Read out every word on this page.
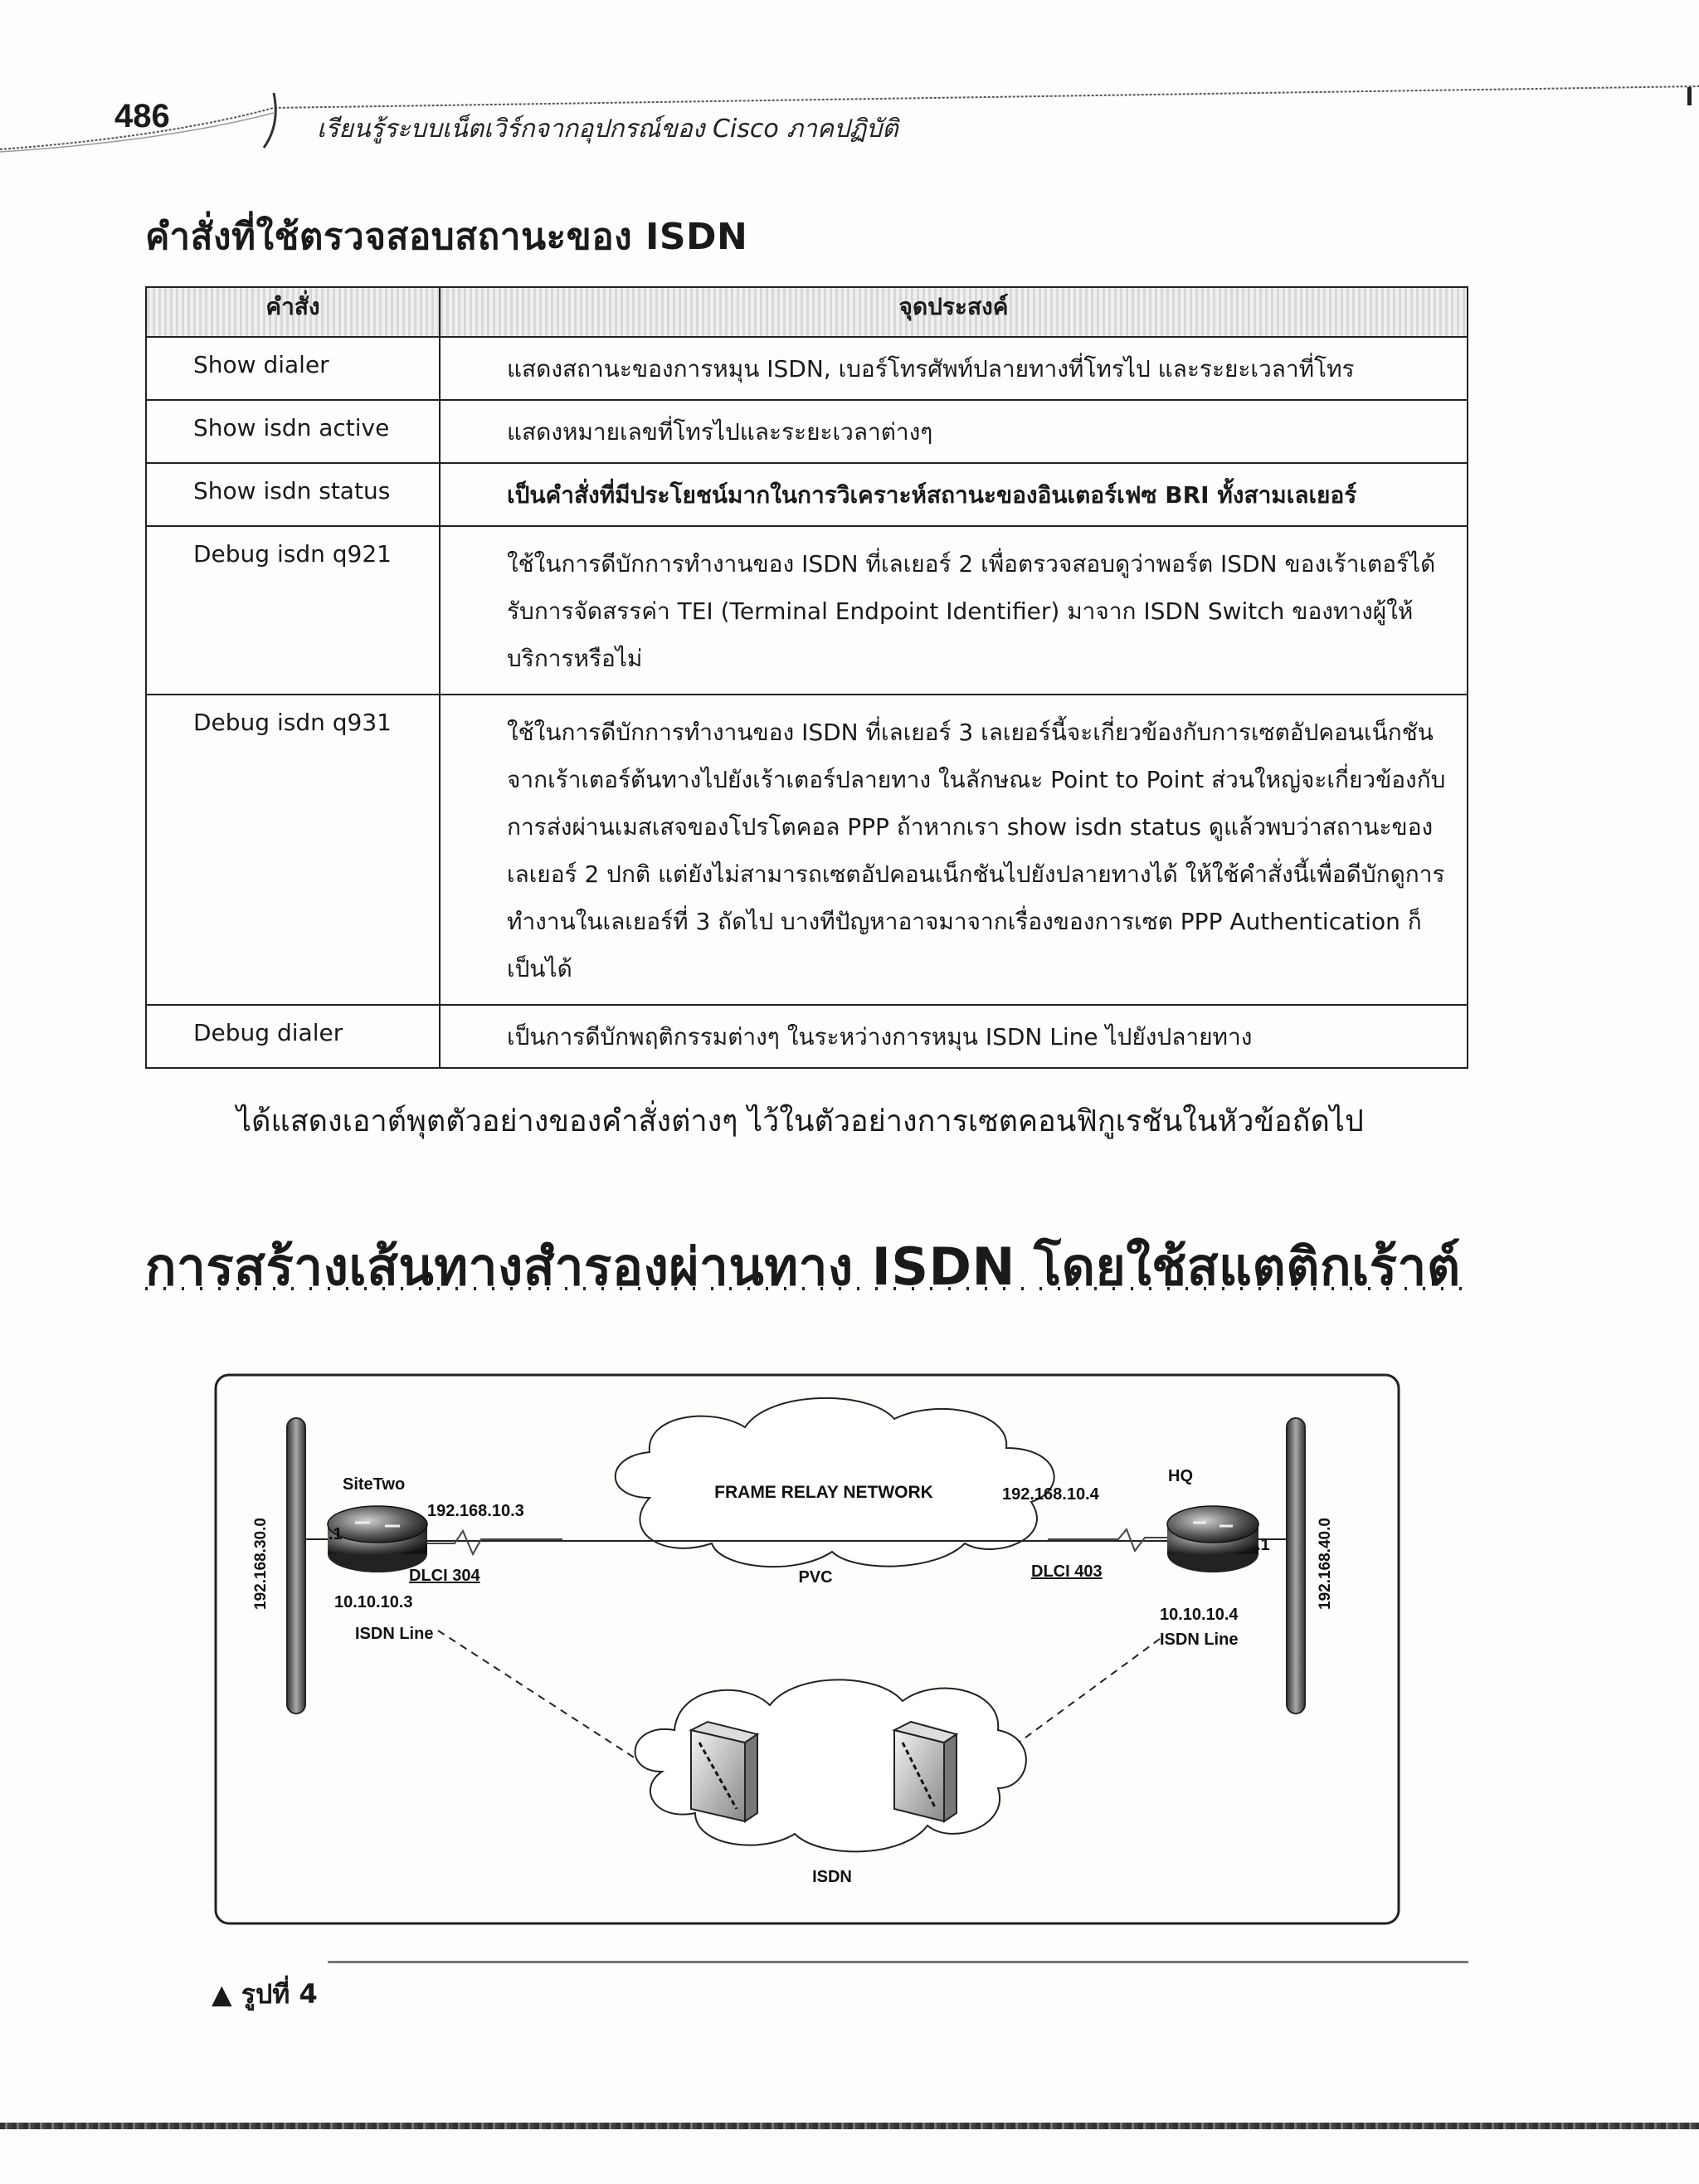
486	เรียนรู้ระบบเน็ตเวิร์กจากอุปกรณ์ของ Cisco ภาคปฏิบัติ
คำสั่งที่ใช้ตรวจสอบสถานะของ ISDN
คำสั่ง	จุดประสงค์
Show dialer	แสดงสถานะของการหมุน ISDN, เบอร์โทรศัพท์ปลายทางที่โทรไป และระยะเวลาที่โทร
Show isdn active	แสดงหมายเลขที่โทรไปและระยะเวลาต่างๆ
Show isdn status	เป็นคำสั่งที่มีประโยชน์มากในการวิเคราะห์สถานะของอินเตอร์เฟซ BRI ทั้งสามเลเยอร์
Debug isdn q921	ใช้ในการดีบักการทำงานของ ISDN ที่เลเยอร์ 2 เพื่อตรวจสอบดูว่าพอร์ต ISDN ของเร้าเตอร์ได้รับการจัดสรรค่า TEI (Terminal Endpoint Identifier) มาจาก ISDN Switch ของทางผู้ให้บริการหรือไม่
Debug isdn q931	ใช้ในการดีบักการทำงานของ ISDN ที่เลเยอร์ 3 เลเยอร์นี้จะเกี่ยวข้องกับการเซตอัปคอนเน็กชันจากเร้าเตอร์ต้นทางไปยังเร้าเตอร์ปลายทาง ในลักษณะ Point to Point ส่วนใหญ่จะเกี่ยวข้องกับการส่งผ่านเมสเสจของโปรโตคอล PPP ถ้าหากเรา show isdn status ดูแล้วพบว่าสถานะของเลเยอร์ 2 ปกติ แต่ยังไม่สามารถเซตอัปคอนเน็กชันไปยังปลายทางได้ ให้ใช้คำสั่งนี้เพื่อดีบักดูการทำงานในเลเยอร์ที่ 3 ถัดไป บางทีปัญหาอาจมาจากเรื่องของการเซต PPP Authentication ก็เป็นได้
Debug dialer	เป็นการดีบักพฤติกรรมต่างๆ ในระหว่างการหมุน ISDN Line ไปยังปลายทาง
ได้แสดงเอาต์พุตตัวอย่างของคำสั่งต่างๆ ไว้ในตัวอย่างการเซตคอนฟิกูเรชันในหัวข้อถัดไป
การสร้างเส้นทางสำรองผ่านทาง ISDN โดยใช้สแตติกเร้าต์
192.168.30.0	192.168.40.0
FRAME RELAY NETWORK
PVC
ISDN
SiteTwo
.1
192.168.10.3
DLCI 304
10.10.10.3
ISDN Line
HQ
.1
192.168.10.4
DLCI 403
10.10.10.4
ISDN Line
▲ รูปที่ 4
